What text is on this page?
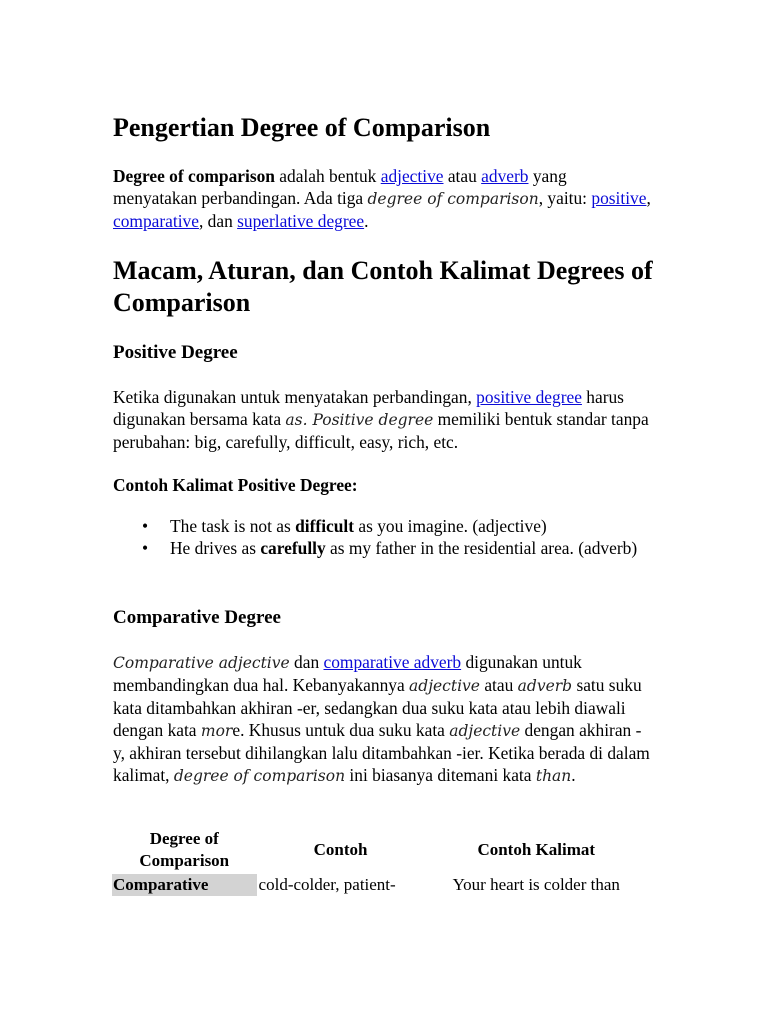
Pengertian Degree of Comparison

Degree of comparison adalah bentuk adjective atau adverb yang menyatakan perbandingan. Ada tiga degree of comparison, yaitu: positive, comparative, dan superlative degree.

Macam, Aturan, dan Contoh Kalimat Degrees of Comparison
Positive Degree

Ketika digunakan untuk menyatakan perbandingan, positive degree harus digunakan bersama kata as. Positive degree memiliki bentuk standar tanpa perubahan: big, carefully, difficult, easy, rich, etc.

Contoh Kalimat Positive Degree:

• The task is not as difficult as you imagine. (adjective)
• He drives as carefully as my father in the residential area. (adverb)
Comparative Degree

Comparative adjective dan comparative adverb digunakan untuk membandingkan dua hal. Kebanyakannya adjective atau adverb satu suku kata ditambahkan akhiran -er, sedangkan dua suku kata atau lebih diawali dengan kata more. Khusus untuk dua suku kata adjective dengan akhiran -y, akhiran tersebut dihilangkan lalu ditambahkan -ier. Ketika berada di dalam kalimat, degree of comparison ini biasanya ditemani kata than.

Degree of Comparison	Contoh	Contoh Kalimat
Comparative	cold-colder, patient-	Your heart is colder than
